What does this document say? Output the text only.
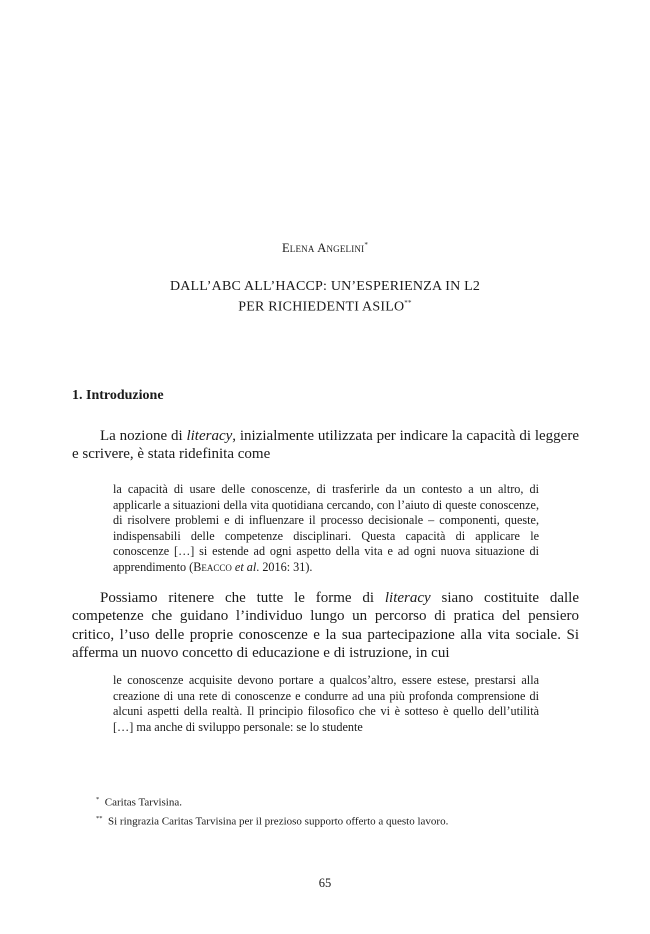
Elena Angelini*
DALL’ABC ALL’HACCP: UN’ESPERIENZA IN L2
PER RICHIEDENTI ASILO**
1. Introduzione
La nozione di literacy, inizialmente utilizzata per indicare la capacità di leggere e scrivere, è stata ridefinita come
la capacità di usare delle conoscenze, di trasferirle da un contesto a un altro, di applicarle a situazioni della vita quotidiana cercando, con l’aiuto di queste conoscenze, di risolvere problemi e di influenzare il processo decisionale – componenti, queste, indispensabili delle competenze disciplinari. Questa capacità di applicare le conoscenze […] si estende ad ogni aspetto della vita e ad ogni nuova situazione di apprendimento (Beacco et al. 2016: 31).
Possiamo ritenere che tutte le forme di literacy siano costituite dalle competenze che guidano l’individuo lungo un percorso di pratica del pensiero critico, l’uso delle proprie conoscenze e la sua partecipazione alla vita sociale. Si afferma un nuovo concetto di educazione e di istruzione, in cui
le conoscenze acquisite devono portare a qualcos’altro, essere estese, prestarsi alla creazione di una rete di conoscenze e condurre ad una più profonda comprensione di alcuni aspetti della realtà. Il principio filosofico che vi è sotteso è quello dell’utilità […] ma anche di sviluppo personale: se lo studente
* Caritas Tarvisina.
** Si ringrazia Caritas Tarvisina per il prezioso supporto offerto a questo lavoro.
65
